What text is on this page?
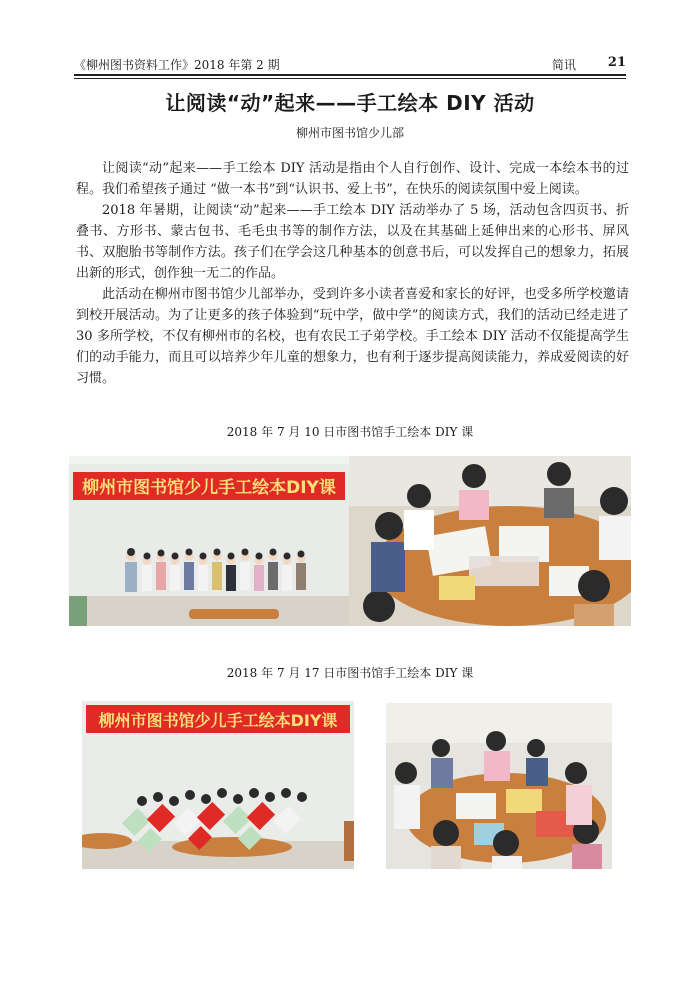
《柳州图书资料工作》2018 年第 2 期	简讯 21
让阅读“动”起来——手工绘本 DIY 活动
柳州市图书馆少儿部

让阅读“动”起来——手工绘本 DIY 活动是指由个人自行创作、设计、完成一本绘本书的过程。我们希望孩子通过 “做一本书”到“认识书、爱上书”，在快乐的阅读氛围中爱上阅读。

2018 年暑期，让阅读“动”起来——手工绘本 DIY 活动举办了 5 场，活动包含四页书、折叠书、方形书、蒙古包书、毛毛虫书等的制作方法，以及在其基础上延伸出来的心形书、屏风书、双胞胎书等制作方法。孩子们在学会这几种基本的创意书后，可以发挥自己的想象力，拓展出新的形式，创作独一无二的作品。

此活动在柳州市图书馆少儿部举办，受到许多小读者喜爱和家长的好评，也受多所学校邀请到校开展活动。为了让更多的孩子体验到“玩中学，做中学”的阅读方式，我们的活动已经走进了 30 多所学校，不仅有柳州市的名校，也有农民工子弟学校。手工绘本 DIY 活动不仅能提高学生们的动手能力，而且可以培养少年儿童的想象力，也有利于逐步提高阅读能力，养成爱阅读的好习惯。

2018 年 7 月 10 日市图书馆手工绘本 DIY 课
柳州市图书馆少儿手工绘本DIY课
2018 年 7 月 17 日市图书馆手工绘本 DIY 课
柳州市图书馆少儿手工绘本DIY课
